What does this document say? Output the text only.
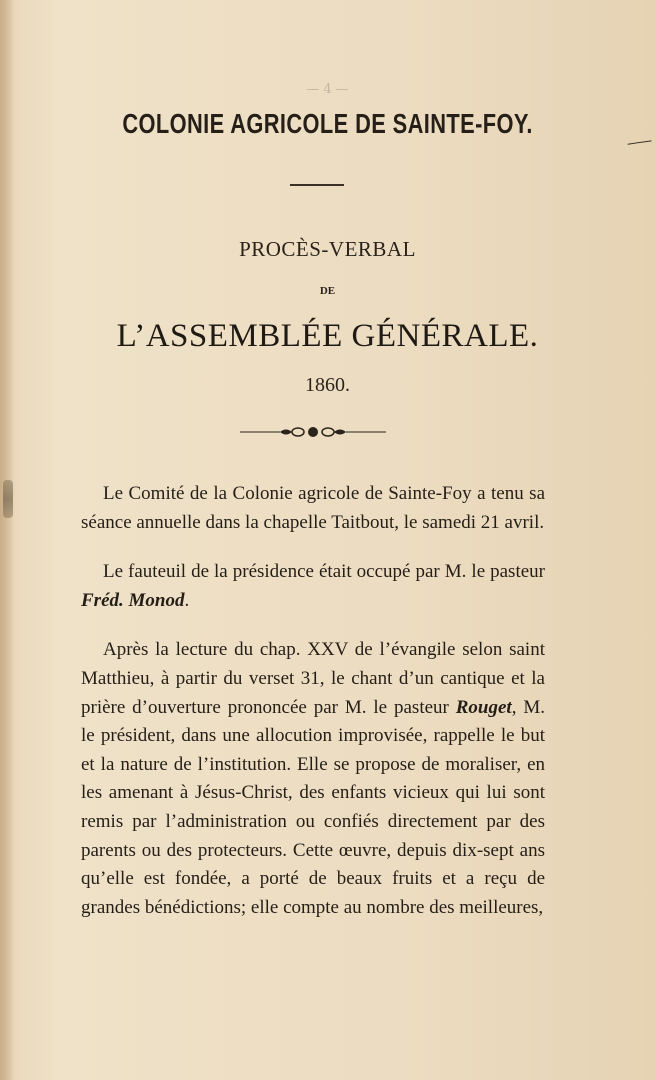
— 4 —
COLONIE AGRICOLE DE SAINTE-FOY.
PROCÈS-VERBAL
DE
L’ASSEMBLÉE GÉNÉRALE.
1860.

Le Comité de la Colonie agricole de Sainte-Foy a tenu sa séance annuelle dans la chapelle Taitbout, le samedi 21 avril.

Le fauteuil de la présidence était occupé par M. le pasteur Fréd. Monod.

Après la lecture du chap. XXV de l’évangile selon saint Matthieu, à partir du verset 31, le chant d’un cantique et la prière d’ouverture prononcée par M. le pasteur Rouget, M. le président, dans une allocution improvisée, rappelle le but et la nature de l’institution. Elle se propose de moraliser, en les amenant à Jésus-Christ, des enfants vicieux qui lui sont remis par l’administration ou confiés directement par des parents ou des protecteurs. Cette œuvre, depuis dix-sept ans qu’elle est fondée, a porté de beaux fruits et a reçu de grandes bénédictions; elle compte au nombre des meilleures,
